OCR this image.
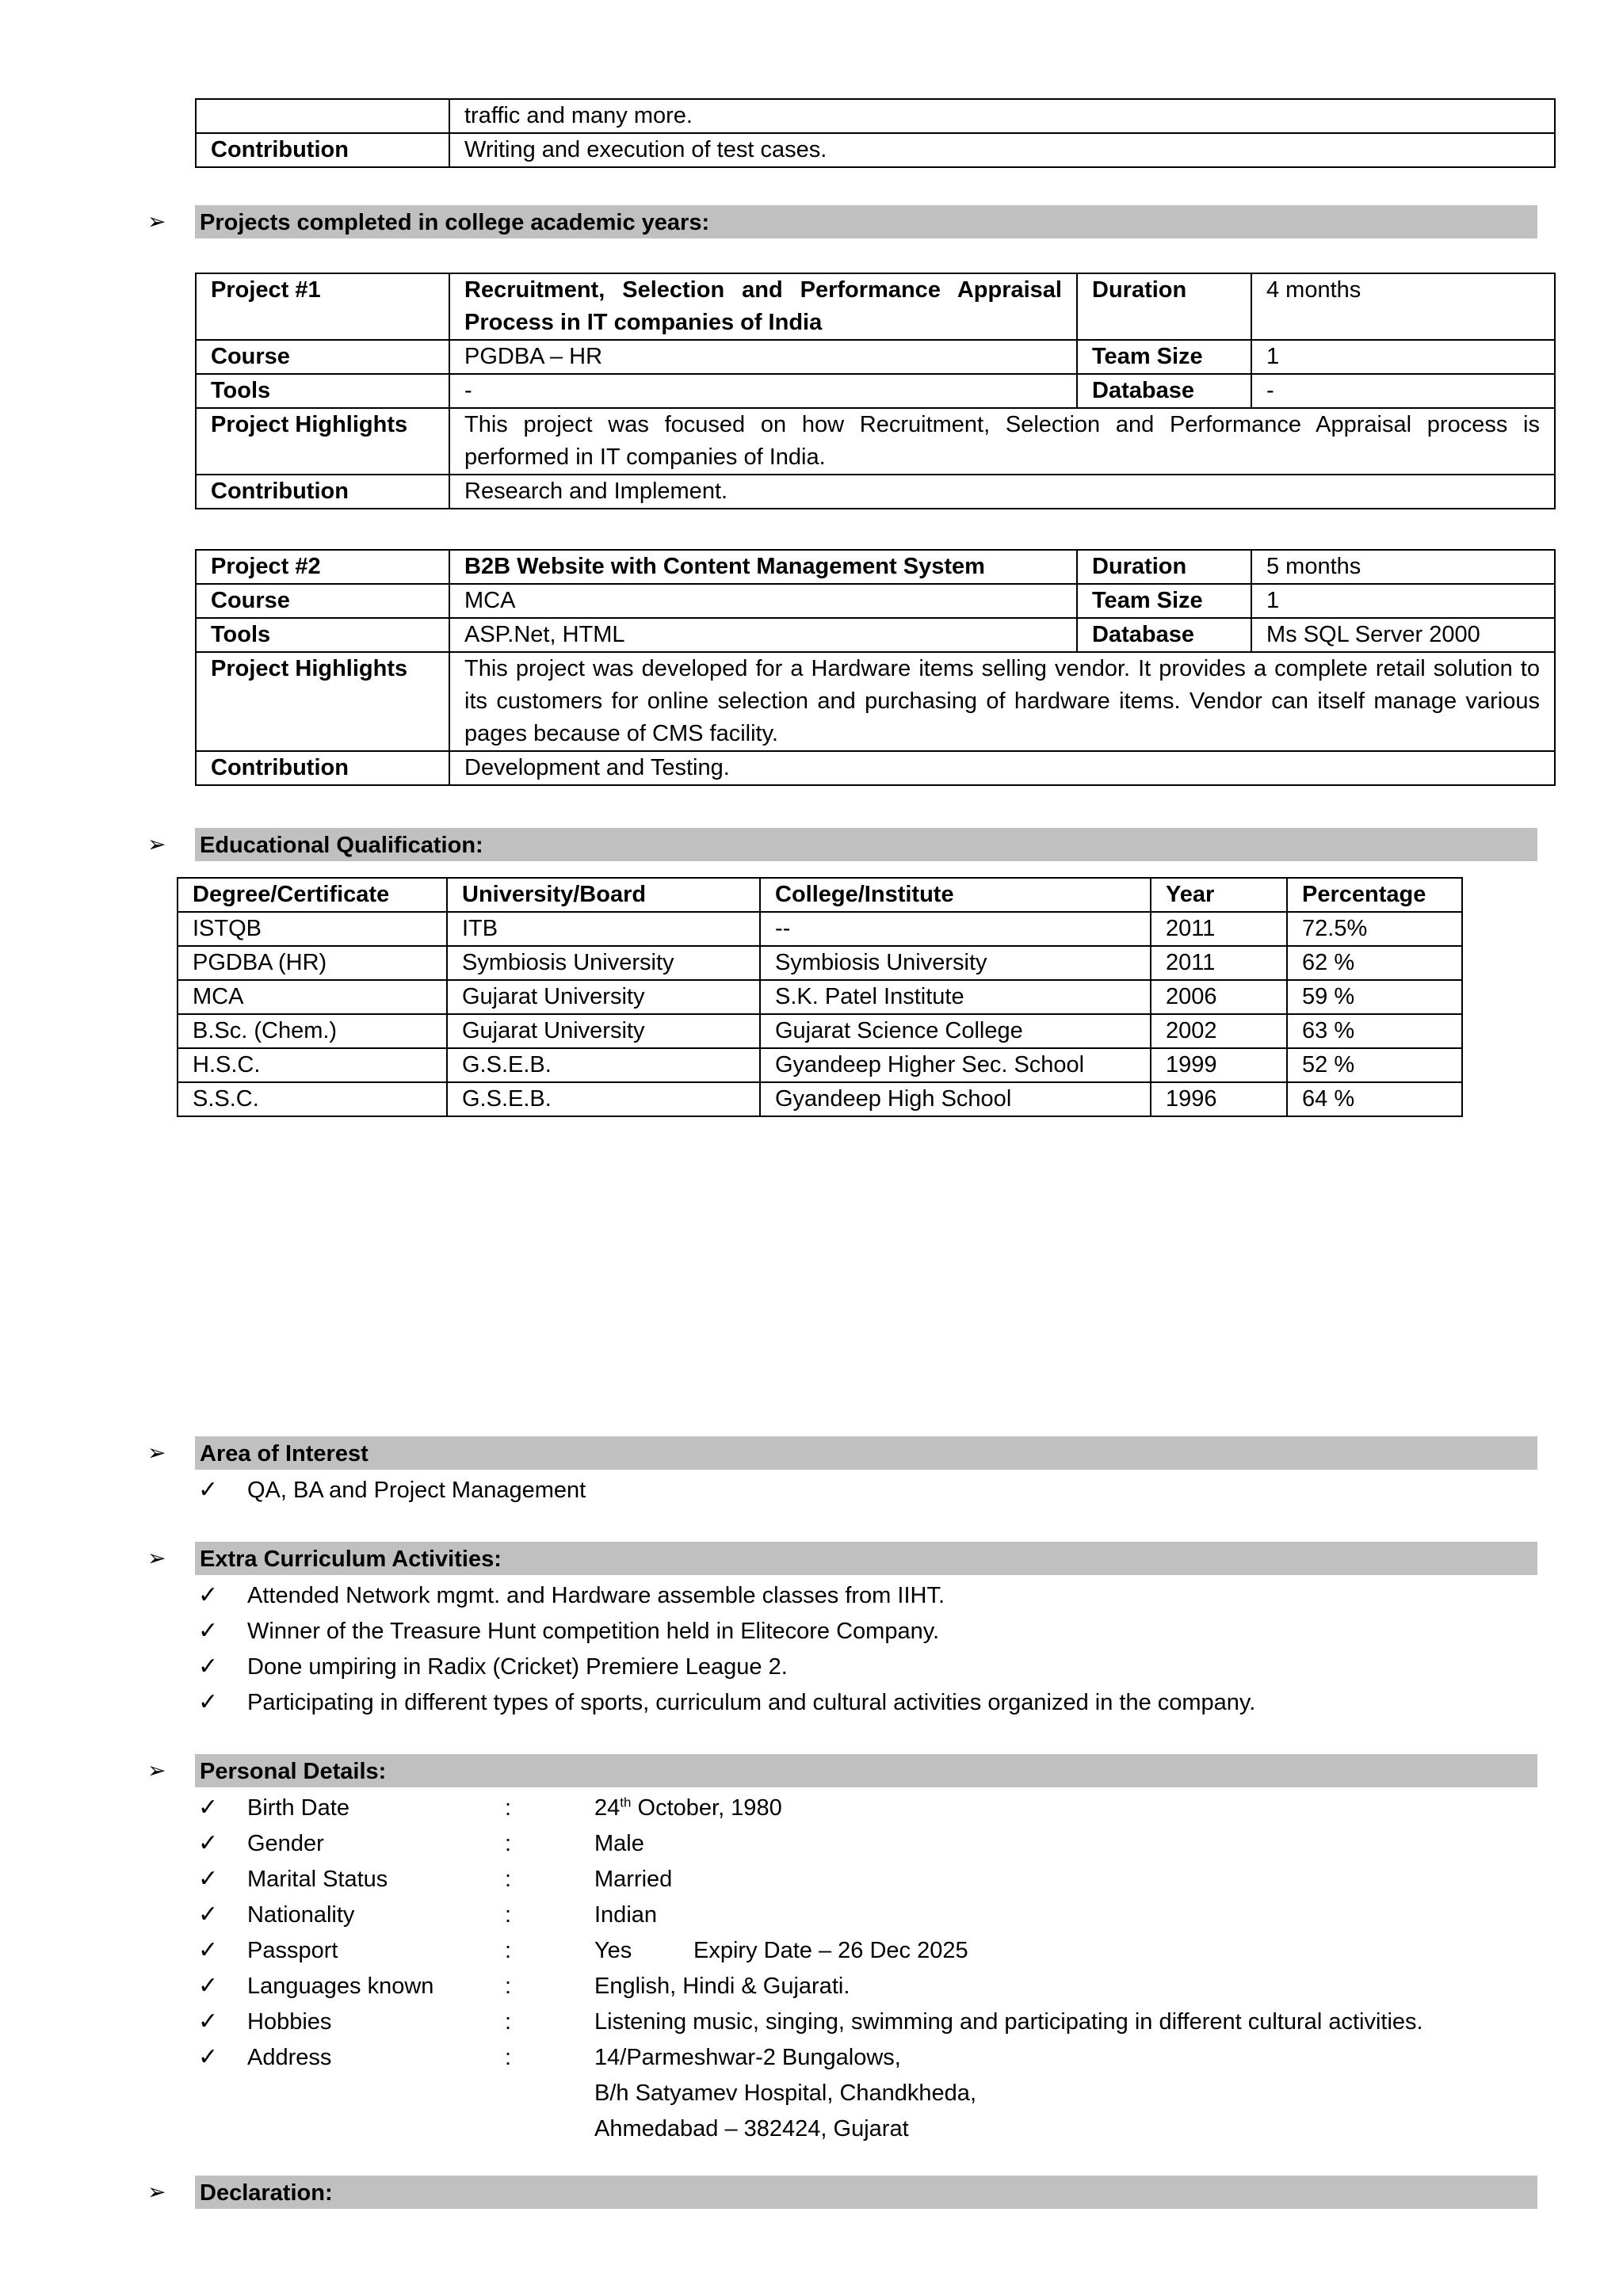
	traffic and many more.
Contribution	Writing and execution of test cases.
➢ Projects completed in college academic years:
Project #1	Recruitment, Selection and Performance Appraisal Process in IT companies of India	Duration	4 months
Course	PGDBA – HR	Team Size	1
Tools	-	Database	-
Project Highlights	This project was focused on how Recruitment, Selection and Performance Appraisal process is performed in IT companies of India.		
Contribution	Research and Implement.		
Project #2	B2B Website with Content Management System	Duration	5 months
Course	MCA	Team Size	1
Tools	ASP.Net, HTML	Database	Ms SQL Server 2000
Project Highlights	This project was developed for a Hardware items selling vendor. It provides a complete retail solution to its customers for online selection and purchasing of hardware items. Vendor can itself manage various pages because of CMS facility.		
Contribution	Development and Testing.		
➢ Educational Qualification:
Degree/Certificate	University/Board	College/Institute	Year	Percentage
ISTQB	ITB	--	2011	72.5%
PGDBA (HR)	Symbiosis University	Symbiosis University	2011	62 %
MCA	Gujarat University	S.K. Patel Institute	2006	59 %
B.Sc. (Chem.)	Gujarat University	Gujarat Science College	2002	63 %
H.S.C.	G.S.E.B.	Gyandeep Higher Sec. School	1999	52 %
S.S.C.	G.S.E.B.	Gyandeep High School	1996	64 %
➢ Area of Interest
✓ QA, BA and Project Management
➢ Extra Curriculum Activities:
✓ Attended Network mgmt. and Hardware assemble classes from IIHT.
✓ Winner of the Treasure Hunt competition held in Elitecore Company.
✓ Done umpiring in Radix (Cricket) Premiere League 2.
✓ Participating in different types of sports, curriculum and cultural activities organized in the company.
➢ Personal Details:
✓ Birth Date	:	24th October, 1980
✓ Gender	:	Male
✓ Marital Status	:	Married
✓ Nationality	:	Indian
✓ Passport	:	Yes	Expiry Date – 26 Dec 2025
✓ Languages known	:	English, Hindi & Gujarati.
✓ Hobbies	:	Listening music, singing, swimming and participating in different cultural activities.
✓ Address	:	14/Parmeshwar-2 Bungalows,
B/h Satyamev Hospital, Chandkheda,
Ahmedabad – 382424, Gujarat
➢ Declaration:
